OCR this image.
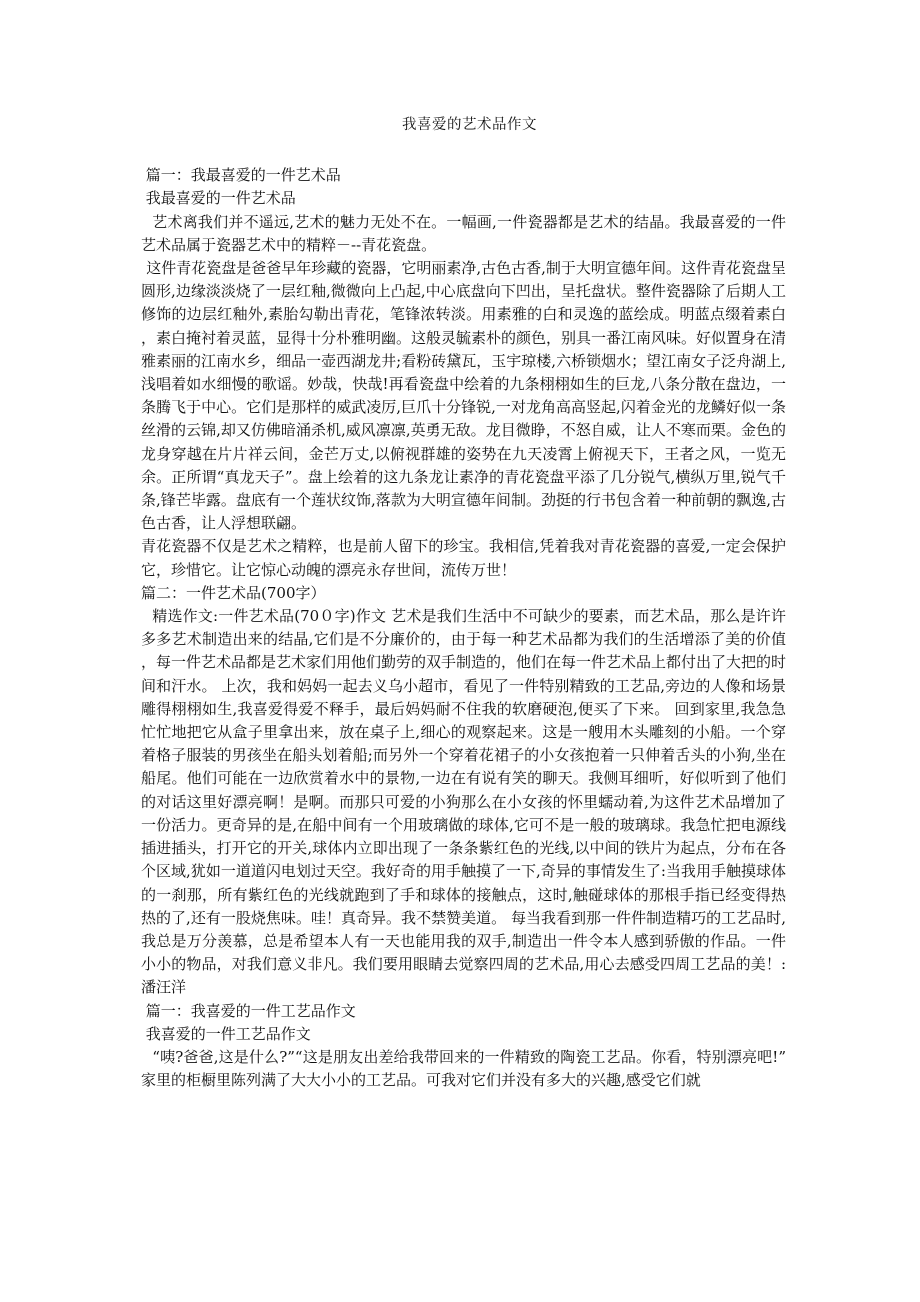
我喜爱的艺术品作文

篇一：我最喜爱的一件艺术品

我最喜爱的一件艺术品

艺术离我们并不遥远,艺术的魅力无处不在。一幅画,一件瓷器都是艺术的结晶。我最喜爱的一件艺术品属于瓷器艺术中的精粹－--青花瓷盘。

这件青花瓷盘是爸爸早年珍藏的瓷器，它明丽素净,古色古香,制于大明宣德年间。这件青花瓷盘呈圆形,边缘淡淡烧了一层红釉,微微向上凸起,中心底盘向下凹出，呈托盘状。整件瓷器除了后期人工修饰的边层红釉外,素胎勾勒出青花，笔锋浓转淡。用素雅的白和灵逸的蓝绘成。明蓝点缀着素白，素白掩衬着灵蓝，显得十分朴雅明幽。这般灵毓素朴的颜色，别具一番江南风味。好似置身在清雅素丽的江南水乡，细品一壶西湖龙井;看粉砖黛瓦，玉宇琼楼,六桥锁烟水；望江南女子泛舟湖上,浅唱着如水细慢的歌谣。妙哉，快哉!再看瓷盘中绘着的九条栩栩如生的巨龙,八条分散在盘边，一条腾飞于中心。它们是那样的威武凌厉,巨爪十分锋锐,一对龙角高高竖起,闪着金光的龙鳞好似一条丝滑的云锦,却又仿佛暗涌杀机,威风凛凛,英勇无敌。龙目微睁，不怒自威，让人不寒而栗。金色的龙身穿越在片片祥云间，金芒万丈,以俯视群雄的姿势在九天凌霄上俯视天下，王者之风，一览无余。正所谓“真龙天子”。盘上绘着的这九条龙让素净的青花瓷盘平添了几分锐气,横纵万里,锐气千条,锋芒毕露。盘底有一个莲状纹饰,落款为大明宣德年间制。劲挺的行书包含着一种前朝的飘逸,古色古香，让人浮想联翩。

青花瓷器不仅是艺术之精粹，也是前人留下的珍宝。我相信,凭着我对青花瓷器的喜爱,一定会保护它，珍惜它。让它惊心动魄的漂亮永存世间，流传万世！

篇二：一件艺术品(700字）

精选作文:一件艺术品(70０字)作文 艺术是我们生活中不可缺少的要素，而艺术品，那么是许许多多艺术制造出来的结晶,它们是不分廉价的，由于每一种艺术品都为我们的生活增添了美的价值，每一件艺术品都是艺术家们用他们勤劳的双手制造的，他们在每一件艺术品上都付出了大把的时间和汗水。 上次，我和妈妈一起去义乌小超市，看见了一件特别精致的工艺品,旁边的人像和场景雕得栩栩如生,我喜爱得爱不释手，最后妈妈耐不住我的软磨硬泡,便买了下来。 回到家里,我急急忙忙地把它从盒子里拿出来，放在桌子上,细心的观察起来。这是一艘用木头雕刻的小船。一个穿着格子服装的男孩坐在船头划着船;而另外一个穿着花裙子的小女孩抱着一只伸着舌头的小狗,坐在船尾。他们可能在一边欣赏着水中的景物,一边在有说有笑的聊天。我侧耳细听，好似听到了他们的对话这里好漂亮啊！是啊。而那只可爱的小狗那么在小女孩的怀里蠕动着,为这件艺术品增加了一份活力。更奇异的是,在船中间有一个用玻璃做的球体,它可不是一般的玻璃球。我急忙把电源线插进插头，打开它的开关,球体内立即出现了一条条紫红色的光线,以中间的铁片为起点，分布在各个区域,犹如一道道闪电划过天空。我好奇的用手触摸了一下,奇异的事情发生了:当我用手触摸球体的一刹那，所有紫红色的光线就跑到了手和球体的接触点，这时,触碰球体的那根手指已经变得热热的了,还有一股烧焦味。哇！真奇异。我不禁赞美道。 每当我看到那一件件制造精巧的工艺品时,我总是万分羡慕，总是希望本人有一天也能用我的双手,制造出一件令本人感到骄傲的作品。一件小小的物品，对我们意义非凡。我们要用眼睛去觉察四周的艺术品,用心去感受四周工艺品的美！:潘汪洋

篇一：我喜爱的一件工艺品作文

我喜爱的一件工艺品作文

“咦?爸爸,这是什么?”“这是朋友出差给我带回来的一件精致的陶瓷工艺品。你看，特别漂亮吧!”家里的柜橱里陈列满了大大小小的工艺品。可我对它们并没有多大的兴趣,感受它们就
